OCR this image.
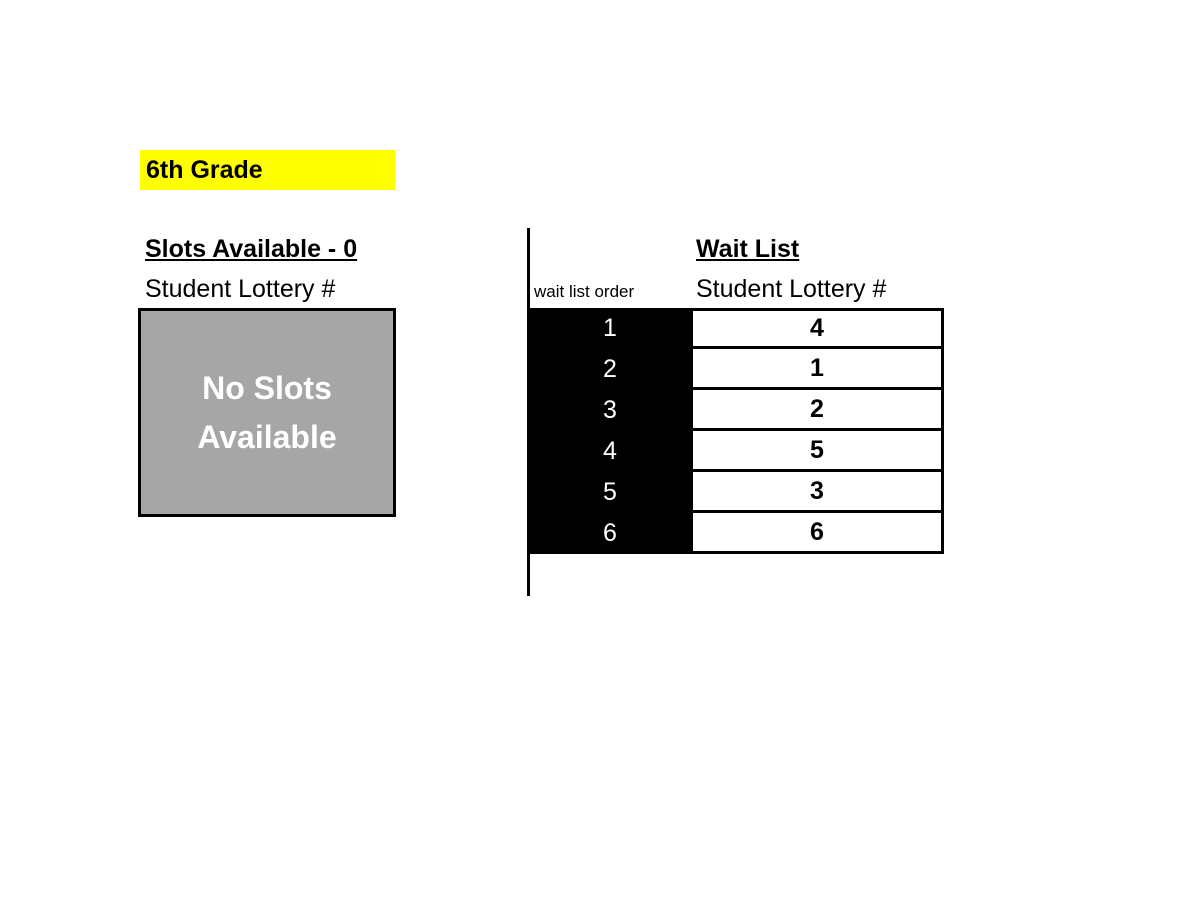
6th Grade
Slots Available - 0
Student Lottery #
No Slots
Available
Wait List
wait list order Student Lottery #
1	4
2	1
3	2
4	5
5	3
6	6
